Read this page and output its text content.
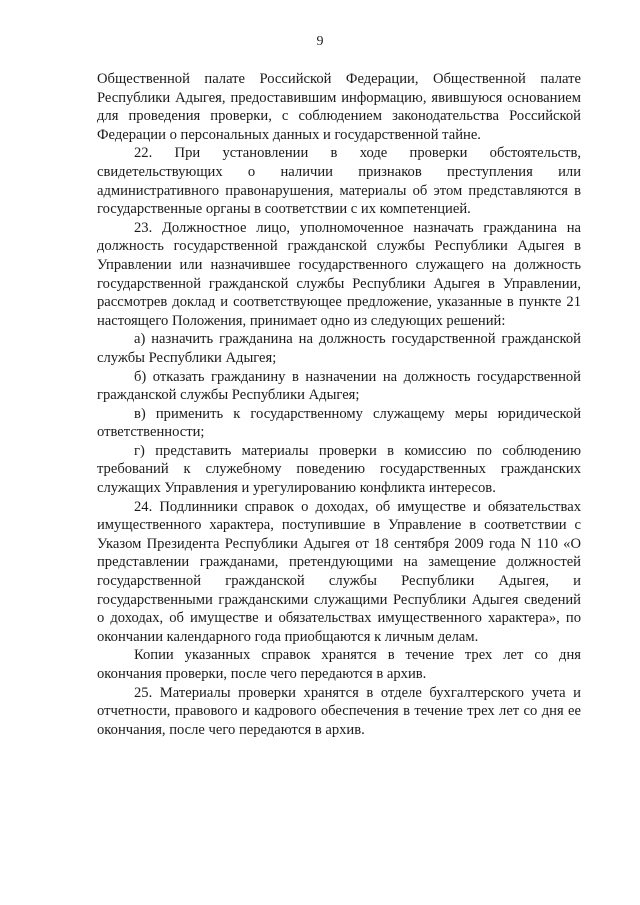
9

Общественной палате Российской Федерации, Общественной палате Республики Адыгея, предоставившим информацию, явившуюся основанием для проведения проверки, с соблюдением законодательства Российской Федерации о персональных данных и государственной тайне.

22. При установлении в ходе проверки обстоятельств, свидетельствующих о наличии признаков преступления или административного правонарушения, материалы об этом представляются в государственные органы в соответствии с их компетенцией.

23. Должностное лицо, уполномоченное назначать гражданина на должность государственной гражданской службы Республики Адыгея в Управлении или назначившее государственного служащего на должность государственной гражданской службы Республики Адыгея в Управлении, рассмотрев доклад и соответствующее предложение, указанные в пункте 21 настоящего Положения, принимает одно из следующих решений:

а) назначить гражданина на должность государственной гражданской службы Республики Адыгея;

б) отказать гражданину в назначении на должность государственной гражданской службы Республики Адыгея;

в) применить к государственному служащему меры юридической ответственности;

г) представить материалы проверки в комиссию по соблюдению требований к служебному поведению государственных гражданских служащих Управления и урегулированию конфликта интересов.

24. Подлинники справок о доходах, об имуществе и обязательствах имущественного характера, поступившие в Управление в соответствии с Указом Президента Республики Адыгея от 18 сентября 2009 года N 110 «О представлении гражданами, претендующими на замещение должностей государственной гражданской службы Республики Адыгея, и государственными гражданскими служащими Республики Адыгея сведений о доходах, об имуществе и обязательствах имущественного характера», по окончании календарного года приобщаются к личным делам.

Копии указанных справок хранятся в течение трех лет со дня окончания проверки, после чего передаются в архив.

25. Материалы проверки хранятся в отделе бухгалтерского учета и отчетности, правового и кадрового обеспечения в течение трех лет со дня ее окончания, после чего передаются в архив.
